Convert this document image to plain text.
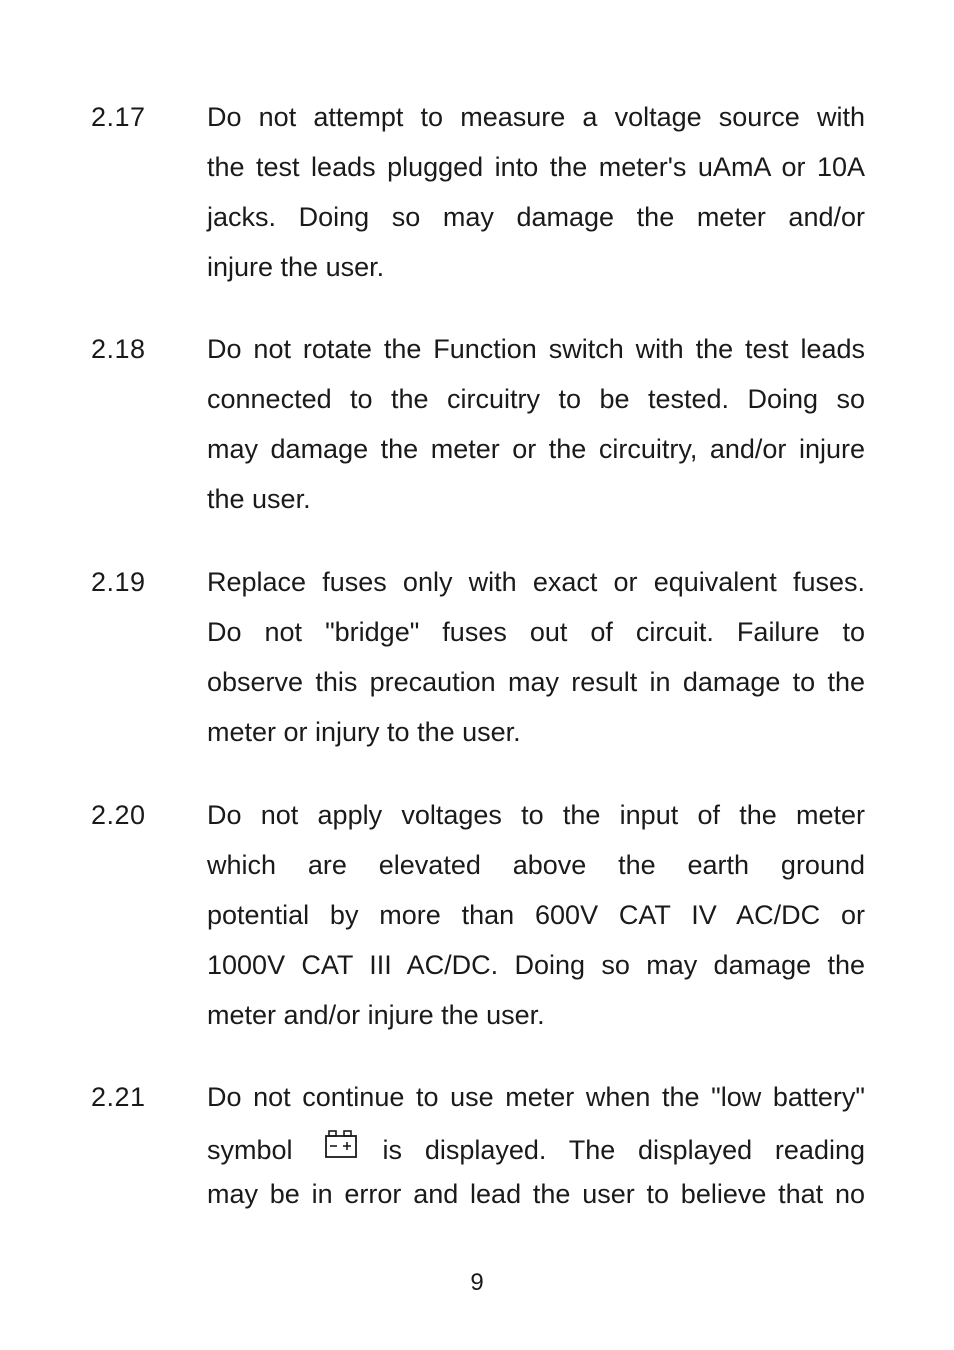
2.17 Do not attempt to measure a voltage source with
the test leads plugged into the meter's uAmA or 10A
jacks. Doing so may damage the meter and/or
injure the user.
2.18 Do not rotate the Function switch with the test leads
connected to the circuitry to be tested. Doing so
may damage the meter or the circuitry, and/or injure
the user.
2.19 Replace fuses only with exact or equivalent fuses.
Do not "bridge" fuses out of circuit. Failure to
observe this precaution may result in damage to the
meter or injury to the user.
2.20 Do not apply voltages to the input of the meter
which are elevated above the earth ground
potential by more than 600V CAT IV AC/DC or
1000V CAT III AC/DC. Doing so may damage the
meter and/or injure the user.
2.21 Do not continue to use meter when the "low battery"
symbol	is displayed. The displayed reading
may be in error and lead the user to believe that no
9
